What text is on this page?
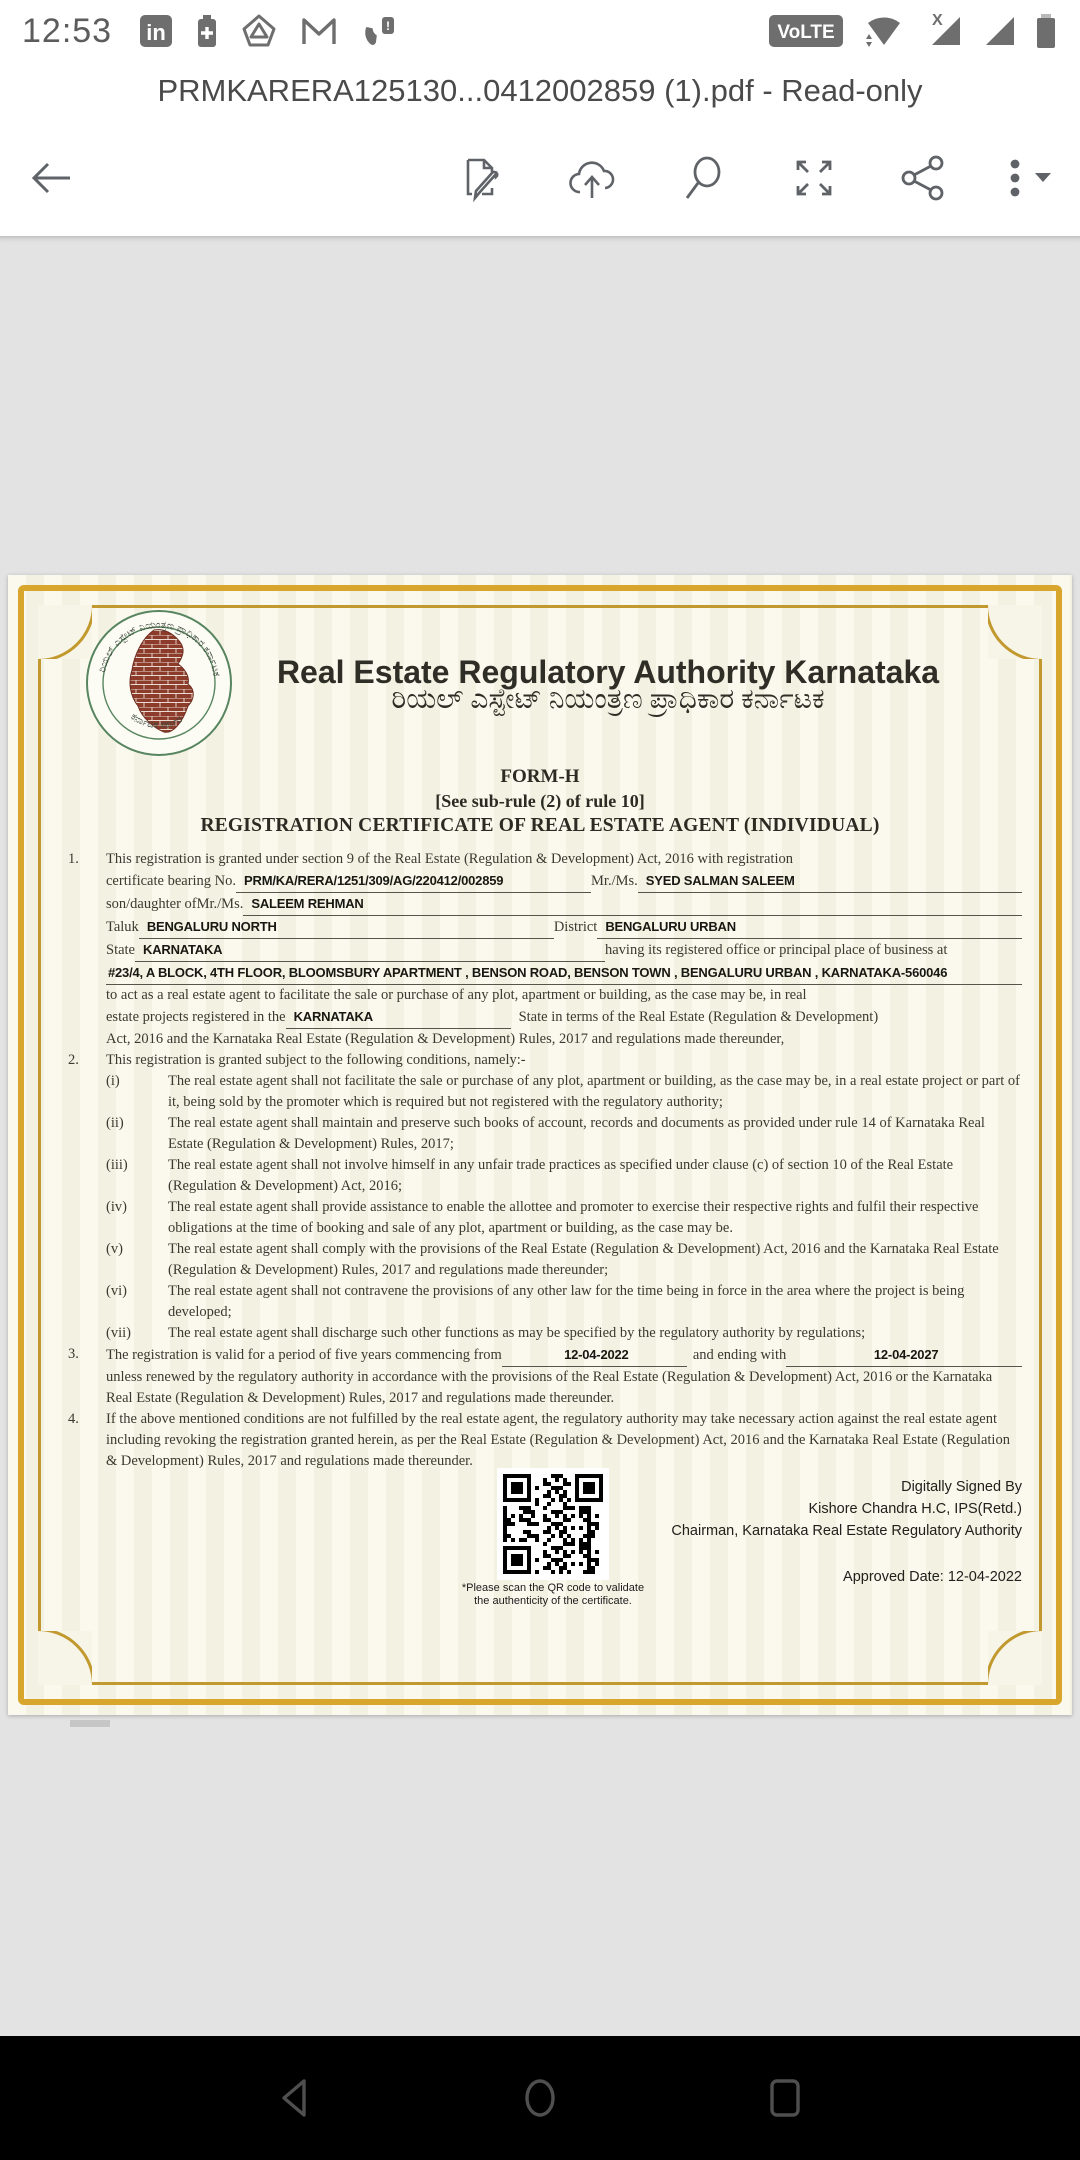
12:53 in	!	VoLTE
X
PRMKARERA125130...0412002859 (1).pdf - Read-only
ರಿಯಲ್ ಎಸ್ಟೇಟ್ ನಿಯಂತ್ರಣ ಪ್ರಾಧಿಕಾರ ಕರ್ನಾಟಕ
ಕರ್ನಾಟಕ ಸರ್ಕಾರ
Real Estate Regulatory Authority Karnataka
ರಿಯಲ್ ಎಸ್ಟೇಟ್ ನಿಯಂತ್ರಣ ಪ್ರಾಧಿಕಾರ ಕರ್ನಾಟಕ
FORM-H
[See sub-rule (2) of rule 10]
REGISTRATION CERTIFICATE OF REAL ESTATE AGENT (INDIVIDUAL)
1.	This registration is granted under section 9 of the Real Estate (Regulation & Development) Act, 2016 with registration
certificate bearing No. PRM/KA/RERA/1251/309/AG/220412/002859	Mr./Ms. SYED SALMAN SALEEM
son/daughter ofMr./Ms. SALEEM REHMAN
Taluk BENGALURU NORTH	District BENGALURU URBAN
State KARNATAKA	having its registered office or principal place of business at
#23/4, A BLOCK, 4TH FLOOR, BLOOMSBURY APARTMENT , BENSON ROAD, BENSON TOWN , BENGALURU URBAN , KARNATAKA-560046
to act as a real estate agent to facilitate the sale or purchase of any plot, apartment or building, as the case may be, in real
estate projects registered in the KARNATAKA	State in terms of the Real Estate (Regulation & Development)
Act, 2016 and the Karnataka Real Estate (Regulation & Development) Rules, 2017 and regulations made thereunder,
2.	This registration is granted subject to the following conditions, namely:-
(i)	The real estate agent shall not facilitate the sale or purchase of any plot, apartment or building, as the case may be, in a real estate project or part of it, being sold by the promoter which is required but not registered with the regulatory authority;
(ii)	The real estate agent shall maintain and preserve such books of account, records and documents as provided under rule 14 of Karnataka Real Estate (Regulation & Development) Rules, 2017;
(iii)	The real estate agent shall not involve himself in any unfair trade practices as specified under clause (c) of section 10 of the Real Estate (Regulation & Development) Act, 2016;
(iv)	The real estate agent shall provide assistance to enable the allottee and promoter to exercise their respective rights and fulfil their respective obligations at the time of booking and sale of any plot, apartment or building, as the case may be.
(v)	The real estate agent shall comply with the provisions of the Real Estate (Regulation & Development) Act, 2016 and the Karnataka Real Estate (Regulation & Development) Rules, 2017 and regulations made thereunder;
(vi)	The real estate agent shall not contravene the provisions of any other law for the time being in force in the area where the project is being developed;
(vii)	The real estate agent shall discharge such other functions as may be specified by the regulatory authority by regulations;
3.	The registration is valid for a period of five years commencing from	12-04-2022	and ending with	12-04-2027
unless renewed by the regulatory authority in accordance with the provisions of the Real Estate (Regulation & Development) Act, 2016 or the Karnataka Real Estate (Regulation & Development) Rules, 2017 and regulations made thereunder.
4.	If the above mentioned conditions are not fulfilled by the real estate agent, the regulatory authority may take necessary action against the real estate agent including revoking the registration granted herein, as per the Real Estate (Regulation & Development) Act, 2016 and the Karnataka Real Estate (Regulation & Development) Rules, 2017 and regulations made thereunder.
*Please scan the QR code to validate
the authenticity of the certificate.
Digitally Signed By
Kishore Chandra H.C, IPS(Retd.)
Chairman, Karnataka Real Estate Regulatory Authority
Approved Date: 12-04-2022
